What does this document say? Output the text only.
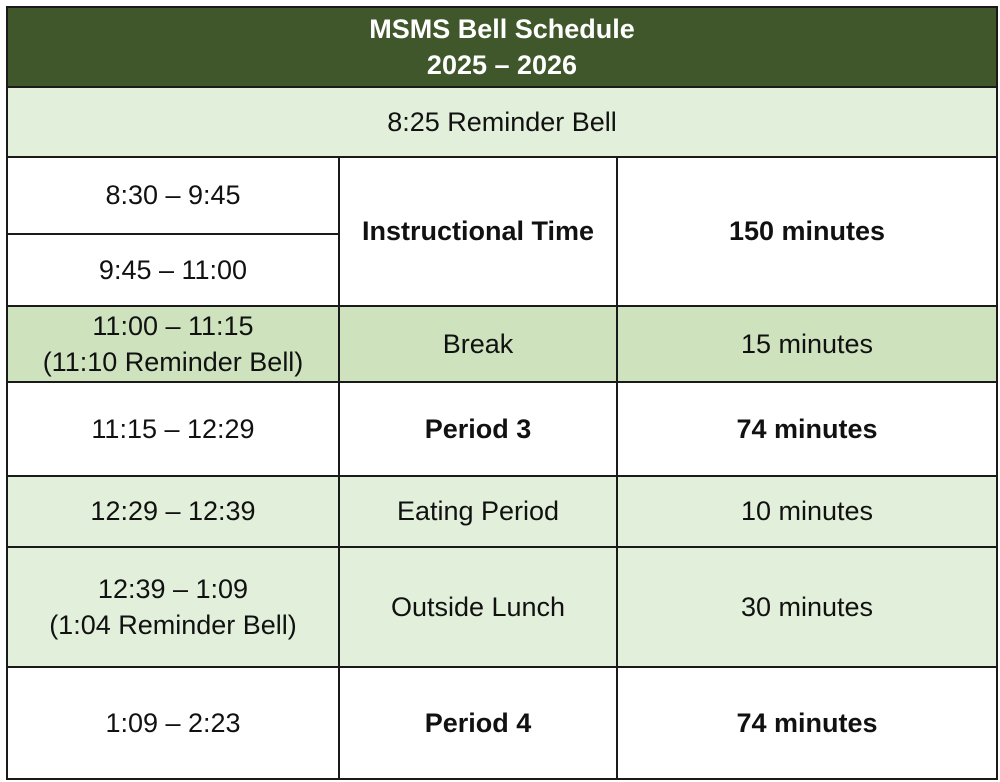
MSMS Bell Schedule
2025 – 2026		

8:25 Reminder Bell		
8:30 – 9:45	Instructional Time	150 minutes
9:45 – 11:00		

11:00 – 11:15
(11:10 Reminder Bell)	Break	15 minutes
11:15 – 12:29	Period 3	74 minutes
12:29 – 12:39	Eating Period	10 minutes

12:39 – 1:09
(1:04 Reminder Bell)	Outside Lunch	30 minutes
1:09 – 2:23	Period 4	74 minutes
